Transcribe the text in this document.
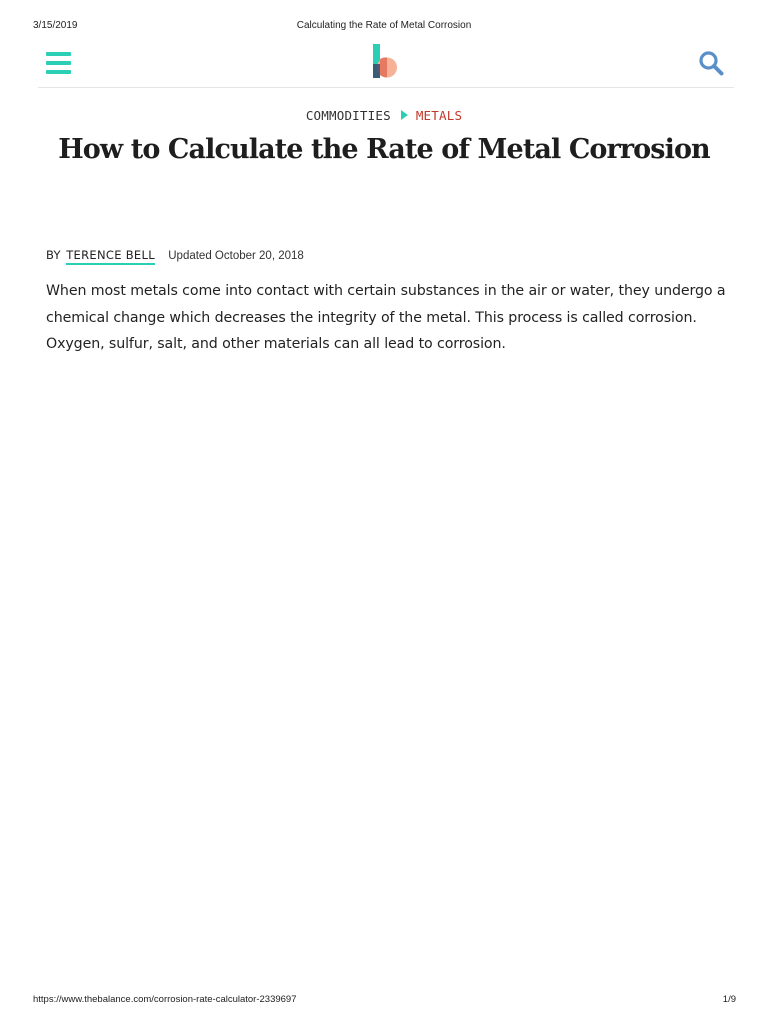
3/15/2019	Calculating the Rate of Metal Corrosion
COMMODITIES METALS
How to Calculate the Rate of Metal Corrosion
BY TERENCE BELL Updated October 20, 2018

When most metals come into contact with certain substances in the air or water, they undergo a chemical change which decreases the integrity of the metal. This process is called corrosion. Oxygen, sulfur, salt, and other materials can all lead to corrosion.

https://www.thebalance.com/corrosion-rate-calculator-2339697	1/9
